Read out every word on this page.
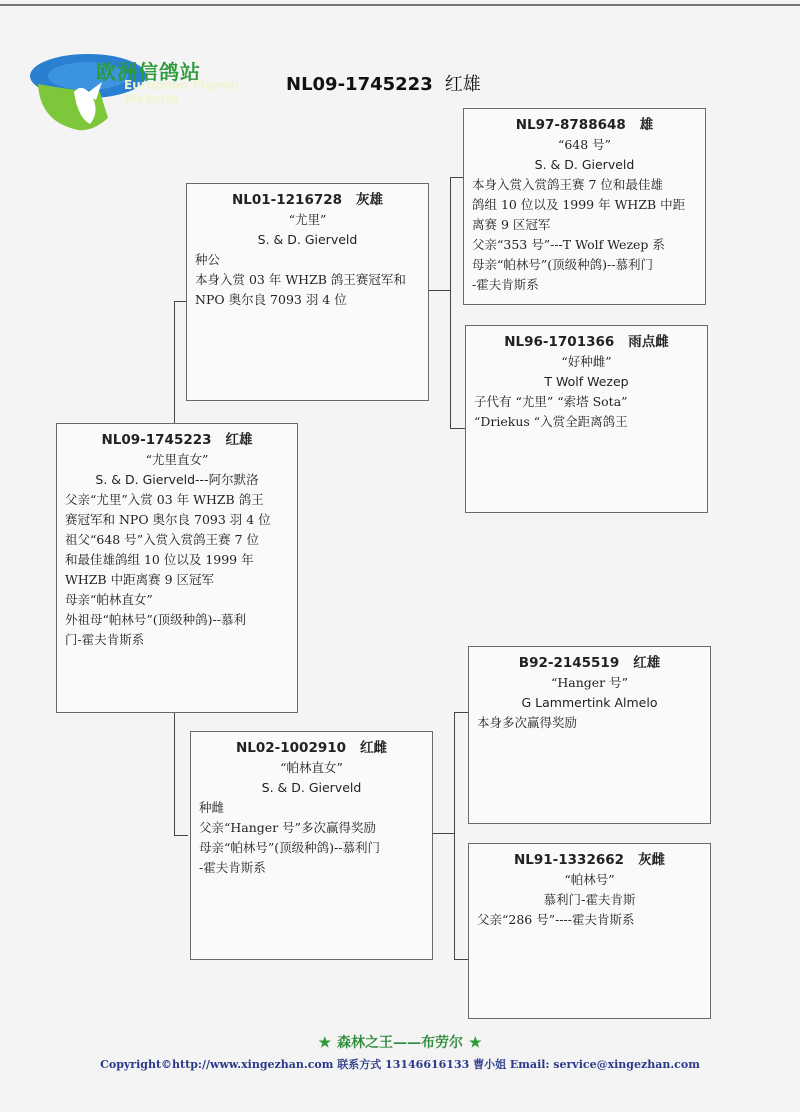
欧洲信鸽站
European Pigeon
Website
NL09-1745223 红雄
NL09-1745223 红雄
“尤里直女”
S. & D. Gierveld---阿尔默洛
父亲“尤里”入赏 03 年 WHZB 鸽王
赛冠军和 NPO 奥尔良 7093 羽 4 位
祖父“648 号”入赏入赏鸽王赛 7 位
和最佳雄鸽组 10 位以及 1999 年
WHZB 中距离赛 9 区冠军
母亲“帕林直女”
外祖母“帕林号”(顶级种鸽)--慕利
门-霍夫肯斯系
NL01-1216728 灰雄
“尤里”
S. & D. Gierveld
种公
本身入赏 03 年 WHZB 鸽王赛冠军和
NPO 奥尔良 7093 羽 4 位
NL02-1002910 红雌
“帕林直女”
S. & D. Gierveld
种雌
父亲“Hanger 号”多次赢得奖励
母亲“帕林号”(顶级种鸽)--慕利门
-霍夫肯斯系
NL97-8788648 雄
“648 号”
S. & D. Gierveld
本身入赏入赏鸽王赛 7 位和最佳雄
鸽组 10 位以及 1999 年 WHZB 中距
离赛 9 区冠军
父亲“353 号”---T Wolf Wezep 系
母亲“帕林号”(顶级种鸽)--慕利门
-霍夫肯斯系
NL96-1701366 雨点雌
“好种雌”
T Wolf Wezep
子代有 “尤里” “索塔 Sota”
“Driekus “入赏全距离鸽王
B92-2145519 红雄
“Hanger 号”
G Lammertink Almelo
本身多次赢得奖励
NL91-1332662 灰雌
“帕林号”
慕利门-霍夫肯斯
父亲“286 号”----霍夫肯斯系
★ 森林之王——布劳尔 ★
Copyright©http://www.xingezhan.com 联系方式 13146616133 曹小姐 Email: service@xingezhan.com
